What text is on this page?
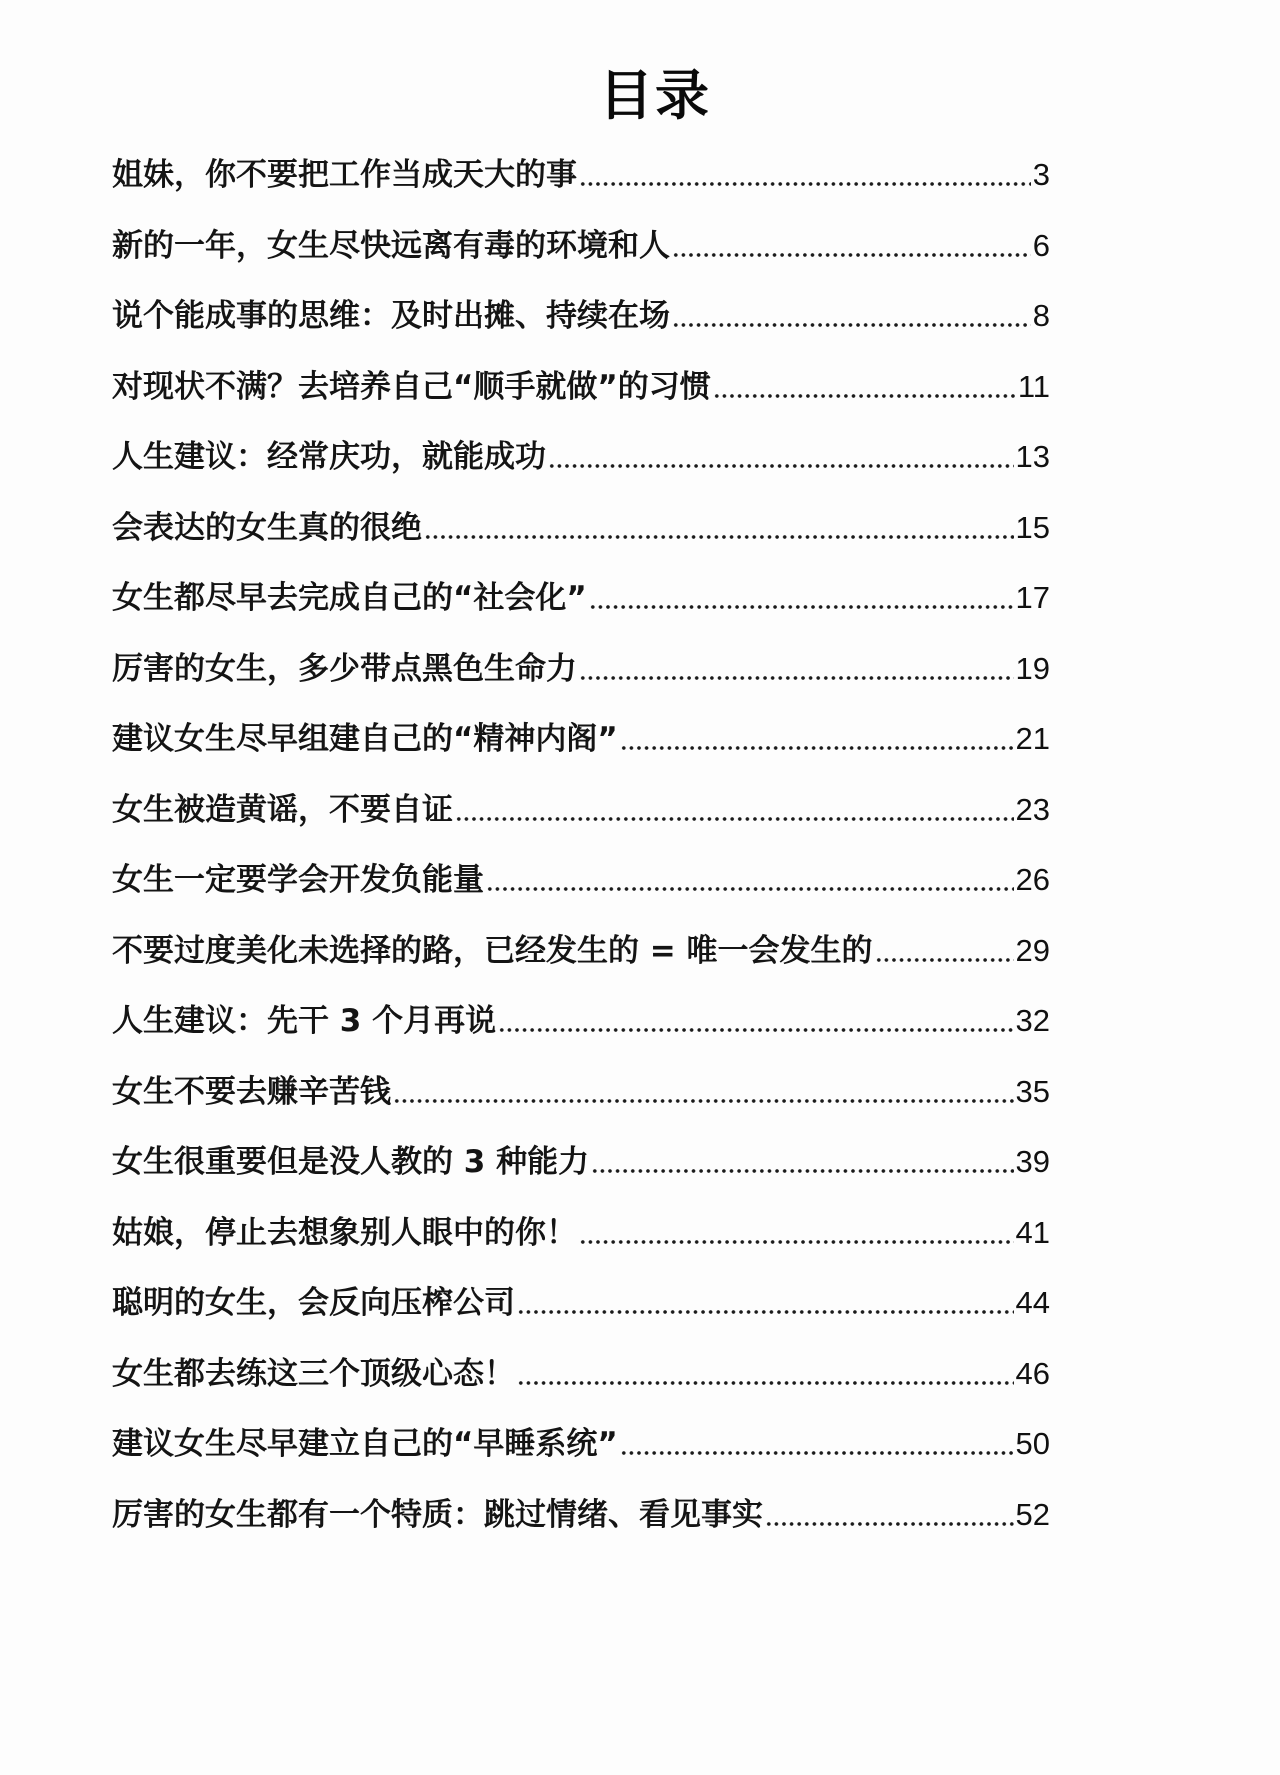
目录
姐妹，你不要把工作当成天大的事	3
新的一年，女生尽快远离有毒的环境和人	6
说个能成事的思维：及时出摊、持续在场	8
对现状不满？去培养自己“顺手就做”的习惯	11
人生建议：经常庆功，就能成功	13
会表达的女生真的很绝	15
女生都尽早去完成自己的“社会化”	17
厉害的女生，多少带点黑色生命力	19
建议女生尽早组建自己的“精神内阁”	21
女生被造黄谣，不要自证	23
女生一定要学会开发负能量	26
不要过度美化未选择的路，已经发生的 = 唯一会发生的	29
人生建议：先干 3 个月再说	32
女生不要去赚辛苦钱	35
女生很重要但是没人教的 3 种能力	39
姑娘，停止去想象别人眼中的你！	41
聪明的女生，会反向压榨公司	44
女生都去练这三个顶级心态！	46
建议女生尽早建立自己的“早睡系统”	50
厉害的女生都有一个特质：跳过情绪、看见事实	52
